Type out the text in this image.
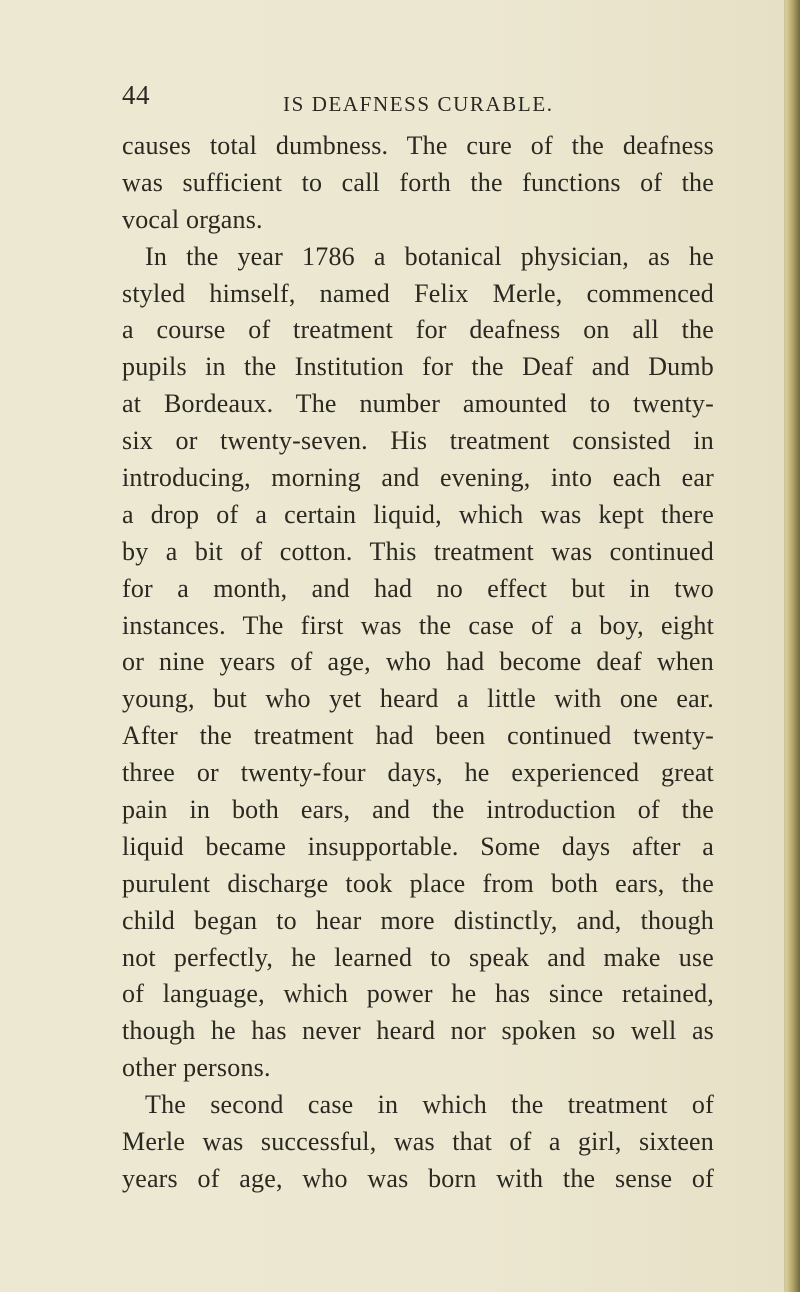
44	IS DEAFNESS CURABLE.
causes total dumbness. The cure of the deafness
was sufficient to call forth the functions of the
vocal organs.
In the year 1786 a botanical physician, as he
styled himself, named Felix Merle, commenced
a course of treatment for deafness on all the
pupils in the Institution for the Deaf and Dumb
at Bordeaux. The number amounted to twenty-
six or twenty-seven. His treatment consisted in
introducing, morning and evening, into each ear
a drop of a certain liquid, which was kept there
by a bit of cotton. This treatment was continued
for a month, and had no effect but in two
instances. The first was the case of a boy, eight
or nine years of age, who had become deaf when
young, but who yet heard a little with one ear.
After the treatment had been continued twenty-
three or twenty-four days, he experienced great
pain in both ears, and the introduction of the
liquid became insupportable. Some days after a
purulent discharge took place from both ears, the
child began to hear more distinctly, and, though
not perfectly, he learned to speak and make use
of language, which power he has since retained,
though he has never heard nor spoken so well as
other persons.
The second case in which the treatment of
Merle was successful, was that of a girl, sixteen
years of age, who was born with the sense of
